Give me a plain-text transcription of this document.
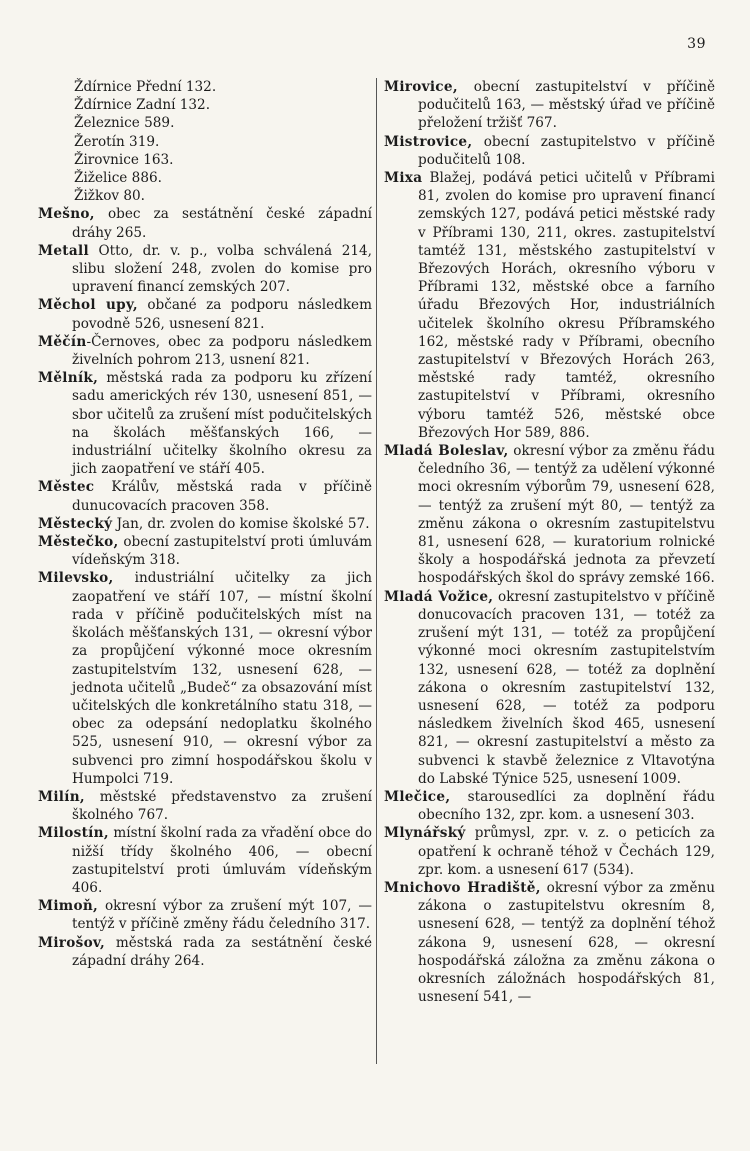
39
Ždírnice Přední 132.
Ždírnice Zadní 132.
Železnice 589.
Žerotín 319.
Žirovnice 163.
Žiželice 886.
Žižkov 80.
Mešno, obec za sestátnění české západní dráhy 265.
Metall Otto, dr. v. p., volba schválená 214, slibu složení 248, zvolen do komise pro upravení financí zemských 207.
Měchol upy, občané za podporu následkem povodně 526, usnesení 821.
Měčín-Černoves, obec za podporu následkem živelních pohrom 213, usnení 821.
Mělník, městská rada za podporu ku zřízení sadu amerických rév 130, usnesení 851, — sbor učitelů za zrušení míst podučitelských na školách měšťanských 166, — industriální učitelky školního okresu za jich zaopatření ve stáří 405.
Městec Králův, městská rada v příčině dunucovacích pracoven 358.
Městecký Jan, dr. zvolen do komise školské 57.
Městečko, obecní zastupitelství proti úmluvám vídeňským 318.
Milevsko, industriální učitelky za jich zaopatření ve stáří 107, — místní školní rada v příčině podučitelských míst na školách měšťanských 131, — okresní výbor za propůjčení výkonné moce okresním zastupitelstvím 132, usnesení 628, — jednota učitelů „Budeč“ za obsazování míst učitelských dle konkretálního statu 318, — obec za odepsání nedoplatku školného 525, usnesení 910, — okresní výbor za subvenci pro zimní hospodářskou školu v Humpolci 719.
Milín, městské představenstvo za zrušení školného 767.
Milostín, místní školní rada za vřadění obce do nižší třídy školného 406, — obecní zastupitelství proti úmluvám vídeňským 406.
Mimoň, okresní výbor za zrušení mýt 107, — tentýž v příčině změny řádu čeledního 317.
Mirošov, městská rada za sestátnění české západní dráhy 264.
Mirovice, obecní zastupitelství v příčině podučitelů 163, — městský úřad ve příčině přeložení tržišť 767.
Mistrovice, obecní zastupitelstvo v příčině podučitelů 108.
Mixa Blažej, podává petici učitelů v Příbrami 81, zvolen do komise pro upravení financí zemských 127, podává petici městské rady v Příbrami 130, 211, okres. zastupitelství tamtéž 131, městského zastupitelství v Březových Horách, okresního výboru v Příbrami 132, městské obce a farního úřadu Březových Hor, industriálních učitelek školního okresu Příbramského 162, městské rady v Příbrami, obecního zastupitelství v Březových Horách 263, městské rady tamtéž, okresního zastupitelství v Příbrami, okresního výboru tamtéž 526, městské obce Březových Hor 589, 886.
Mladá Boleslav, okresní výbor za změnu řádu čeledního 36, — tentýž za udělení výkonné moci okresním výborům 79, usnesení 628, — tentýž za zrušení mýt 80, — tentýž za změnu zákona o okresním zastupitelstvu 81, usnesení 628, — kuratorium rolnické školy a hospodářská jednota za převzetí hospodářských škol do správy zemské 166.
Mladá Vožice, okresní zastupitelstvo v příčině donucovacích pracoven 131, — totéž za zrušení mýt 131, — totéž za propůjčení výkonné moci okresním zastupitelstvím 132, usnesení 628, — totéž za doplnění zákona o okresním zastupitelství 132, usnesení 628, — totéž za podporu následkem živelních škod 465, usnesení 821, — okresní zastupitelství a město za subvenci k stavbě železnice z Vltavotýna do Labské Týnice 525, usnesení 1009.
Mlečice, starousedlíci za doplnění řádu obecního 132, zpr. kom. a usnesení 303.
Mlynářský průmysl, zpr. v. z. o peticích za opatření k ochraně téhož v Čechách 129, zpr. kom. a usnesení 617 (534).
Mnichovo Hradiště, okresní výbor za změnu zákona o zastupitelstvu okresním 8, usnesení 628, — tentýž za doplnění téhož zákona 9, usnesení 628, — okresní hospodářská záložna za změnu zákona o okresních záložnách hospodářských 81, usnesení 541, —
